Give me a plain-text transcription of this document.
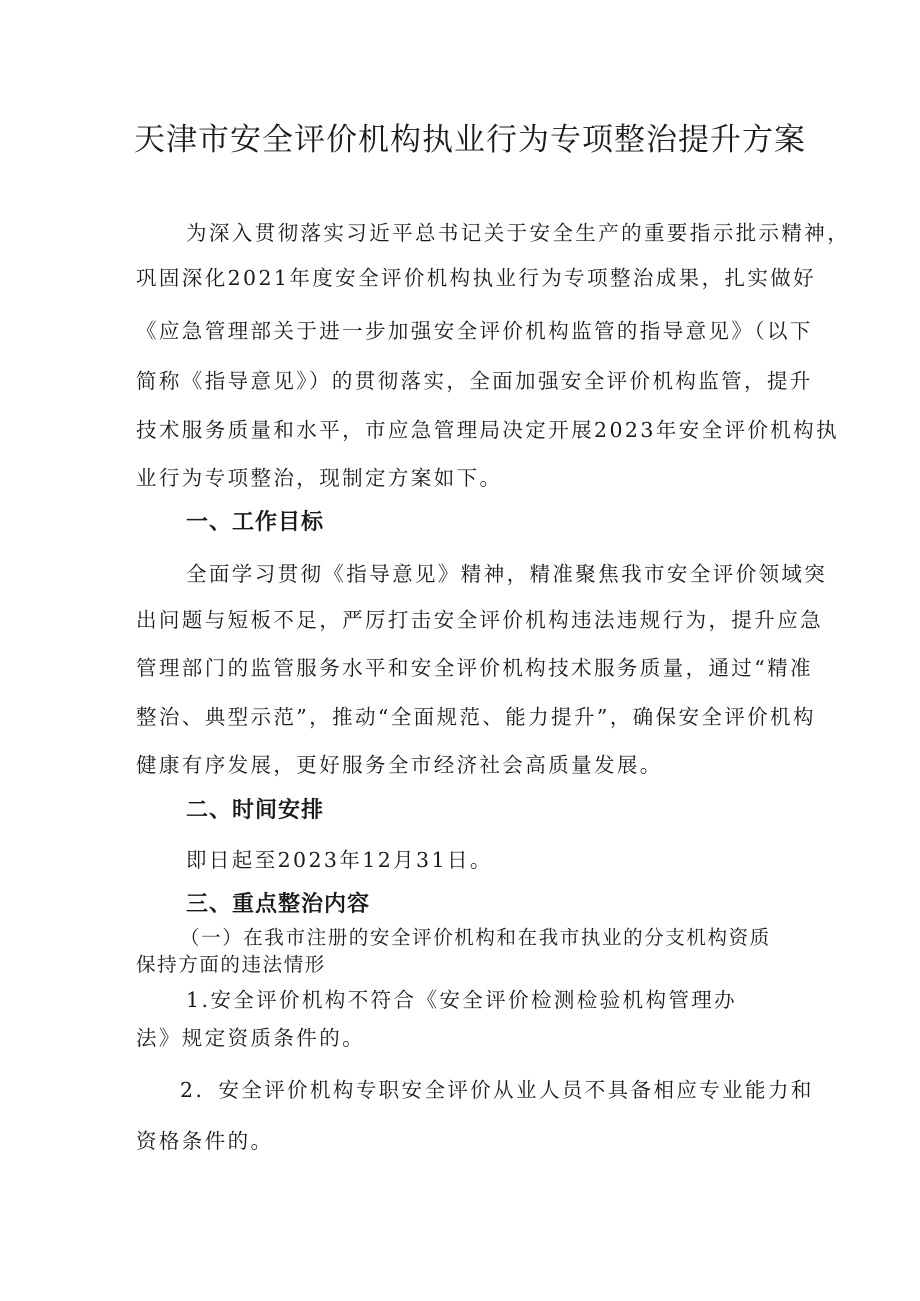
天津市安全评价机构执业行为专项整治提升方案
为深入贯彻落实习近平总书记关于安全生产的重要指示批示精神，
巩固深化2021年度安全评价机构执业行为专项整治成果，扎实做好
《应急管理部关于进一步加强安全评价机构监管的指导意见》（以下
简称《指导意见》）的贯彻落实，全面加强安全评价机构监管，提升
技术服务质量和水平，市应急管理局决定开展2023年安全评价机构执
业行为专项整治，现制定方案如下。
一、工作目标
全面学习贯彻《指导意见》精神，精准聚焦我市安全评价领域突
出问题与短板不足，严厉打击安全评价机构违法违规行为，提升应急
管理部门的监管服务水平和安全评价机构技术服务质量，通过“精准
整治、典型示范”，推动“全面规范、能力提升”，确保安全评价机构
健康有序发展，更好服务全市经济社会高质量发展。
二、时间安排
即日起至2023年12月31日。
三、重点整治内容
（一）在我市注册的安全评价机构和在我市执业的分支机构资质
保持方面的违法情形
1.安全评价机构不符合《安全评价检测检验机构管理办
法》规定资质条件的。
2．安全评价机构专职安全评价从业人员不具备相应专业能力和
资格条件的。
